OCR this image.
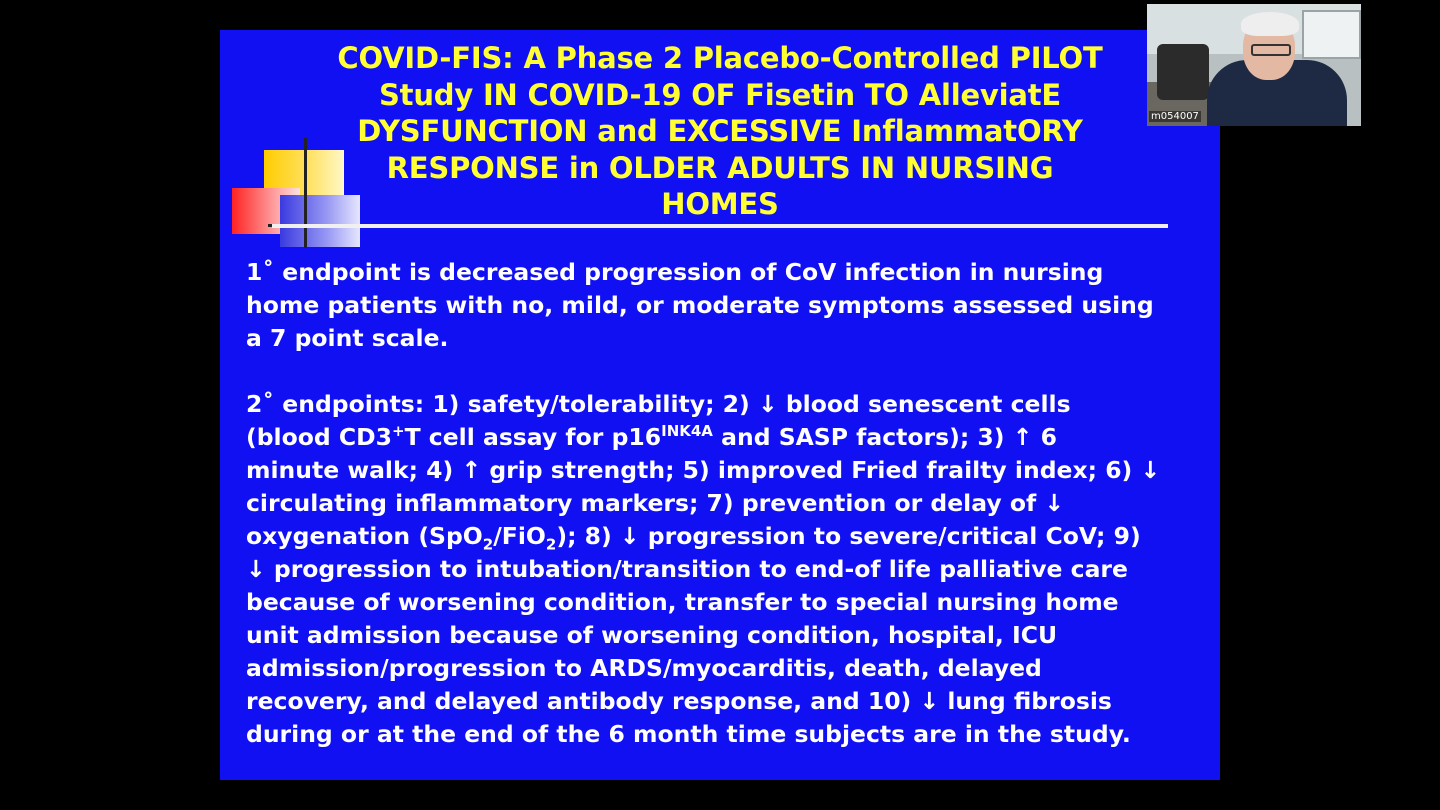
COVID-FIS: A Phase 2 Placebo-Controlled PILOT
Study IN COVID-19 OF Fisetin TO AlleviatE
DYSFUNCTION and EXCESSIVE InflammatORY
RESPONSE in OLDER ADULTS IN NURSING
HOMES
1˚ endpoint is decreased progression of CoV infection in nursing
home patients with no, mild, or moderate symptoms assessed using
a 7 point scale.
2˚ endpoints: 1) safety/tolerability; 2) ↓ blood senescent cells
(blood CD3+T cell assay for $p16^{INK4A}$ and SASP factors); 3) ↑ 6
minute walk; 4) ↑ grip strength; 5) improved Fried frailty index; 6) ↓
circulating inflammatory markers; 7) prevention or delay of ↓
oxygenation (SpO$_2$/FiO$_2$); 8) ↓ progression to severe/critical CoV; 9)
↓ progression to intubation/transition to end-of life palliative care
because of worsening condition, transfer to special nursing home
unit admission because of worsening condition, hospital, ICU
admission/progression to ARDS/myocarditis, death, delayed
recovery, and delayed antibody response, and 10) ↓ lung fibrosis
during or at the end of the 6 month time subjects are in the study.
m054007
